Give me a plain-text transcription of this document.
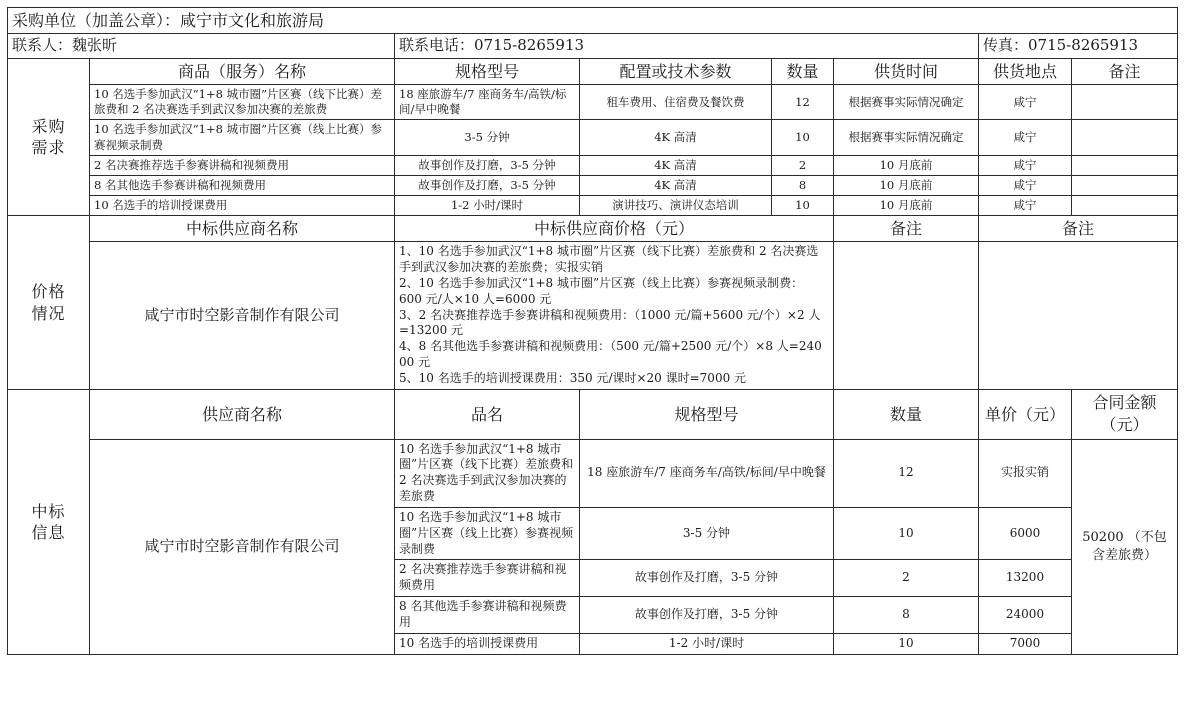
采购单位（加盖公章）：咸宁市文化和旅游局							
联系人：魏张昕		联系电话：0715-8265913				传真：0715-8265913	

采购
需求	商品（服务）名称	规格型号	配置或技术参数	数量	供货时间	供货地点	备注
	10 名选手参加武汉“1+8 城市圈”片区赛（线下比赛）差旅费和 2 名决赛选手到武汉参加决赛的差旅费	18 座旅游车/7 座商务车/高铁/标间/早中晚餐	租车费用、住宿费及餐饮费	12	根据赛事实际情况确定	咸宁	
	10 名选手参加武汉“1+8 城市圈”片区赛（线上比赛）参赛视频录制费	3-5 分钟	4K 高清	10	根据赛事实际情况确定	咸宁	
	2 名决赛推荐选手参赛讲稿和视频费用	故事创作及打磨，3-5 分钟	4K 高清	2	10 月底前	咸宁	
	8 名其他选手参赛讲稿和视频费用	故事创作及打磨，3-5 分钟	4K 高清	8	10 月底前	咸宁	
	10 名选手的培训授课费用	1-2 小时/课时	演讲技巧、演讲仪态培训	10	10 月底前	咸宁	

价格
情况	中标供应商名称	中标供应商价格（元）			备注	备注	
咸宁市时空影音制作有限公司	
1、10 名选手参加武汉“1+8 城市圈”片区赛（线下比赛）差旅费和 2 名决赛选手到武汉参加决赛的差旅费；实报实销
2、10 名选手参加武汉“1+8 城市圈”片区赛（线上比赛）参赛视频录制费：
600 元/人×10 人=6000 元
3、2 名决赛推荐选手参赛讲稿和视频费用：（1000 元/篇+5600 元/个）×2 人=13200 元
4、8 名其他选手参赛讲稿和视频费用：（500 元/篇+2500 元/个）×8 人=24000 元
5、10 名选手的培训授课费用：350 元/课时×20 课时=7000 元

中标
信息	供应商名称	品名	规格型号		数量	单价（元）	合同金额 （元）
	咸宁市时空影音制作有限公司	10 名选手参加武汉“1+8 城市圈”片区赛（线下比赛）差旅费和 2 名决赛选手到武汉参加决赛的差旅费	18 座旅游车/7 座商务车/高铁/标间/早中晚餐		12	实报实销	50200 （不包含差旅费）
		10 名选手参加武汉“1+8 城市圈”片区赛（线上比赛）参赛视频录制费	3-5 分钟		10	6000	
		2 名决赛推荐选手参赛讲稿和视频费用	故事创作及打磨，3-5 分钟		2	13200	
		8 名其他选手参赛讲稿和视频费用	故事创作及打磨，3-5 分钟		8	24000	
		10 名选手的培训授课费用	1-2 小时/课时		10	7000	
